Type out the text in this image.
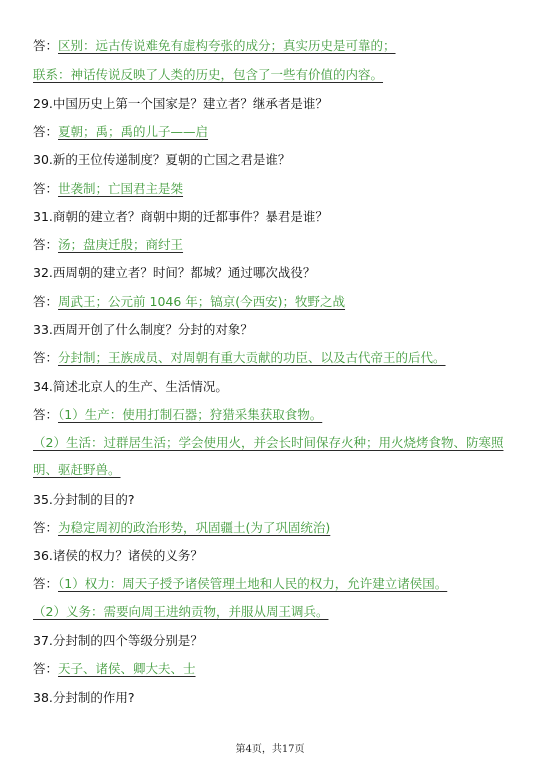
答：区别：远古传说难免有虚构夸张的成分；真实历史是可靠的；
联系：神话传说反映了人类的历史，包含了一些有价值的内容。
29.中国历史上第一个国家是？建立者？继承者是谁？
答：夏朝；禹；禹的儿子——启
30.新的王位传递制度？夏朝的亡国之君是谁？
答：世袭制；亡国君主是桀
31.商朝的建立者？商朝中期的迁都事件？暴君是谁？
答：汤；盘庚迁殷；商纣王
32.西周朝的建立者？时间？都城？通过哪次战役？
答：周武王；公元前 1046 年；镐京(今西安)；牧野之战
33.西周开创了什么制度？分封的对象？
答：分封制；王族成员、对周朝有重大贡献的功臣、以及古代帝王的后代。
34.简述北京人的生产、生活情况。
答：（1）生产：使用打制石器；狩猎采集获取食物。
（2）生活：过群居生活；学会使用火，并会长时间保存火种；用火烧烤食物、防寒照
明、驱赶野兽。
35.分封制的目的?
答：为稳定周初的政治形势，巩固疆土(为了巩固统治)
36.诸侯的权力？诸侯的义务？
答：（1）权力：周天子授予诸侯管理土地和人民的权力，允许建立诸侯国。
（2）义务：需要向周王进纳贡物，并服从周王调兵。
37.分封制的四个等级分别是？
答：天子、诸侯、卿大夫、士
38.分封制的作用?
第4页，共17页
